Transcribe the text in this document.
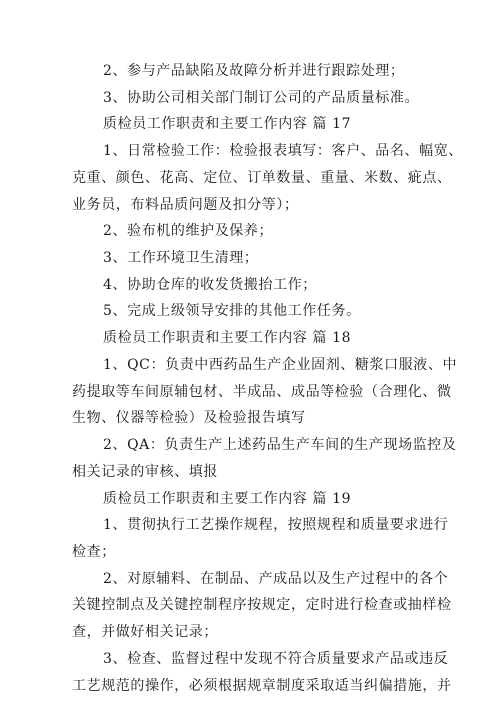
2、参与产品缺陷及故障分析并进行跟踪处理；
3、协助公司相关部门制订公司的产品质量标准。
质检员工作职责和主要工作内容 篇 17
1、日常检验工作：检验报表填写：客户、品名、幅宽、
克重、颜色、花高、定位、订单数量、重量、米数、疵点、
业务员，布料品质问题及扣分等）；
2、验布机的维护及保养；
3、工作环境卫生清理；
4、协助仓库的收发货搬抬工作；
5、完成上级领导安排的其他工作任务。
质检员工作职责和主要工作内容 篇 18
1、QC：负责中西药品生产企业固剂、糖浆口服液、中
药提取等车间原辅包材、半成品、成品等检验（合理化、微
生物、仪器等检验）及检验报告填写
2、QA：负责生产上述药品生产车间的生产现场监控及
相关记录的审核、填报
质检员工作职责和主要工作内容 篇 19
1、贯彻执行工艺操作规程，按照规程和质量要求进行
检查；
2、对原辅料、在制品、产成品以及生产过程中的各个
关键控制点及关键控制程序按规定，定时进行检查或抽样检
查，并做好相关记录；
3、检查、监督过程中发现不符合质量要求产品或违反
工艺规范的操作，必须根据规章制度采取适当纠偏措施，并
